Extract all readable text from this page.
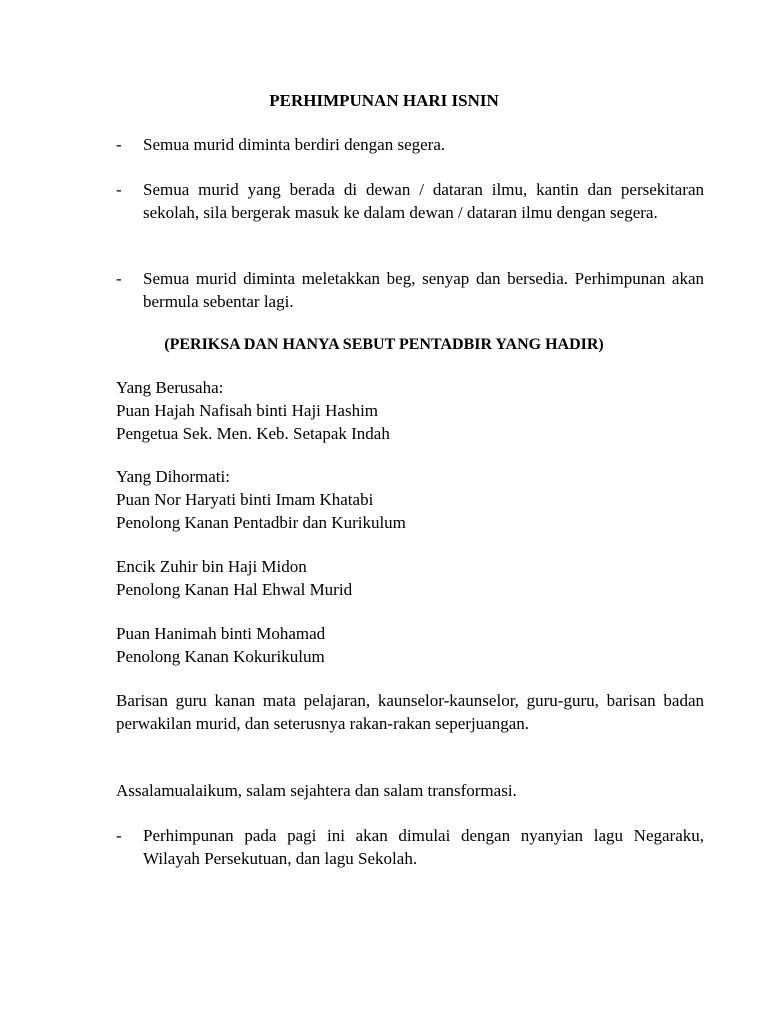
PERHIMPUNAN HARI ISNIN
- Semua murid diminta berdiri dengan segera.
- Semua murid yang berada di dewan / dataran ilmu, kantin dan persekitaran sekolah, sila bergerak masuk ke dalam dewan / dataran ilmu dengan segera.
- Semua murid diminta meletakkan beg, senyap dan bersedia. Perhimpunan akan bermula sebentar lagi.

(PERIKSA DAN HANYA SEBUT PENTADBIR YANG HADIR)

Yang Berusaha:
Puan Hajah Nafisah binti Haji Hashim
Pengetua Sek. Men. Keb. Setapak Indah
Yang Dihormati:
Puan Nor Haryati binti Imam Khatabi
Penolong Kanan Pentadbir dan Kurikulum
Encik Zuhir bin Haji Midon
Penolong Kanan Hal Ehwal Murid
Puan Hanimah binti Mohamad
Penolong Kanan Kokurikulum

Barisan guru kanan mata pelajaran, kaunselor-kaunselor, guru-guru, barisan badan perwakilan murid, dan seterusnya rakan-rakan seperjuangan.

Assalamualaikum, salam sejahtera dan salam transformasi.

- Perhimpunan pada pagi ini akan dimulai dengan nyanyian lagu Negaraku, Wilayah Persekutuan, dan lagu Sekolah.
